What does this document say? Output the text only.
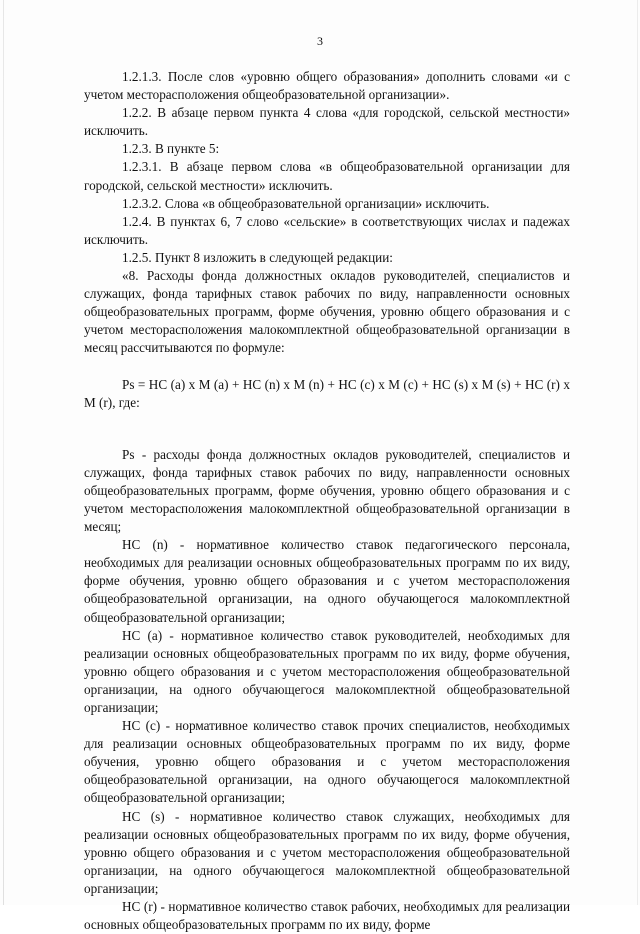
3

1.2.1.3. После слов «уровню общего образования» дополнить словами «и с учетом месторасположения общеобразовательной организации».

1.2.2. В абзаце первом пункта 4 слова «для городской, сельской местности» исключить.

1.2.3. В пункте 5:

1.2.3.1. В абзаце первом слова «в общеобразовательной организации для городской, сельской местности» исключить.

1.2.3.2. Слова «в общеобразовательной организации» исключить.

1.2.4. В пунктах 6, 7 слово «сельские» в соответствующих числах и падежах исключить.

1.2.5. Пункт 8 изложить в следующей редакции:

«8. Расходы фонда должностных окладов руководителей, специалистов и служащих, фонда тарифных ставок рабочих по виду, направленности основных общеобразовательных программ, форме обучения, уровню общего образования и с учетом месторасположения малокомплектной общеобразовательной организации в месяц рассчитываются по формуле:

Рs = НС (a) x М (a) + НС (n) x М (n) + НС (c) x М (c) + НС (s) x М (s) + НС (r) x М (r), где:

Рs - расходы фонда должностных окладов руководителей, специалистов и служащих, фонда тарифных ставок рабочих по виду, направленности основных общеобразовательных программ, форме обучения, уровню общего образования и с учетом месторасположения малокомплектной общеобразовательной организации в месяц;

НС (n) - нормативное количество ставок педагогического персонала, необходимых для реализации основных общеобразовательных программ по их виду, форме обучения, уровню общего образования и с учетом месторасположения общеобразовательной организации, на одного обучающегося малокомплектной общеобразовательной организации;

НС (a) - нормативное количество ставок руководителей, необходимых для реализации основных общеобразовательных программ по их виду, форме обучения, уровню общего образования и с учетом месторасположения общеобразовательной организации, на одного обучающегося малокомплектной общеобразовательной организации;

НС (c) - нормативное количество ставок прочих специалистов, необходимых для реализации основных общеобразовательных программ по их виду, форме обучения, уровню общего образования и с учетом месторасположения общеобразовательной организации, на одного обучающегося малокомплектной общеобразовательной организации;

НС (s) - нормативное количество ставок служащих, необходимых для реализации основных общеобразовательных программ по их виду, форме обучения, уровню общего образования и с учетом месторасположения общеобразовательной организации, на одного обучающегося малокомплектной общеобразовательной организации;

НС (r) - нормативное количество ставок рабочих, необходимых для реализации основных общеобразовательных программ по их виду, форме
